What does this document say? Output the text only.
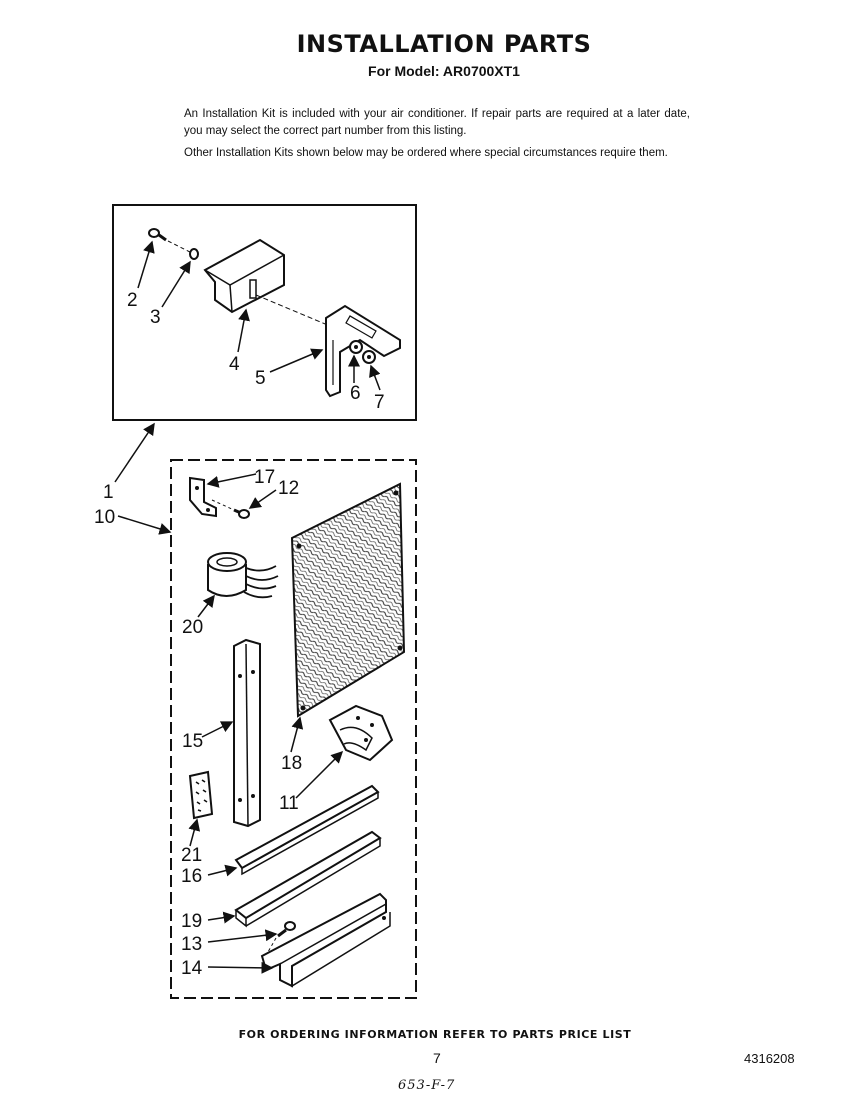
INSTALLATION PARTS
For Model: AR0700XT1
An Installation Kit is included with your air conditioner. If repair parts are required at a later date, you may select the correct part number from this listing.
Other Installation Kits shown below may be ordered where special circumstances require them.
2
3
4
5
6 7
1
10
17
12
20
15
18
11
21
16
19
13
14
FOR ORDERING INFORMATION REFER TO PARTS PRICE LIST
7	4316208
653-F-7
